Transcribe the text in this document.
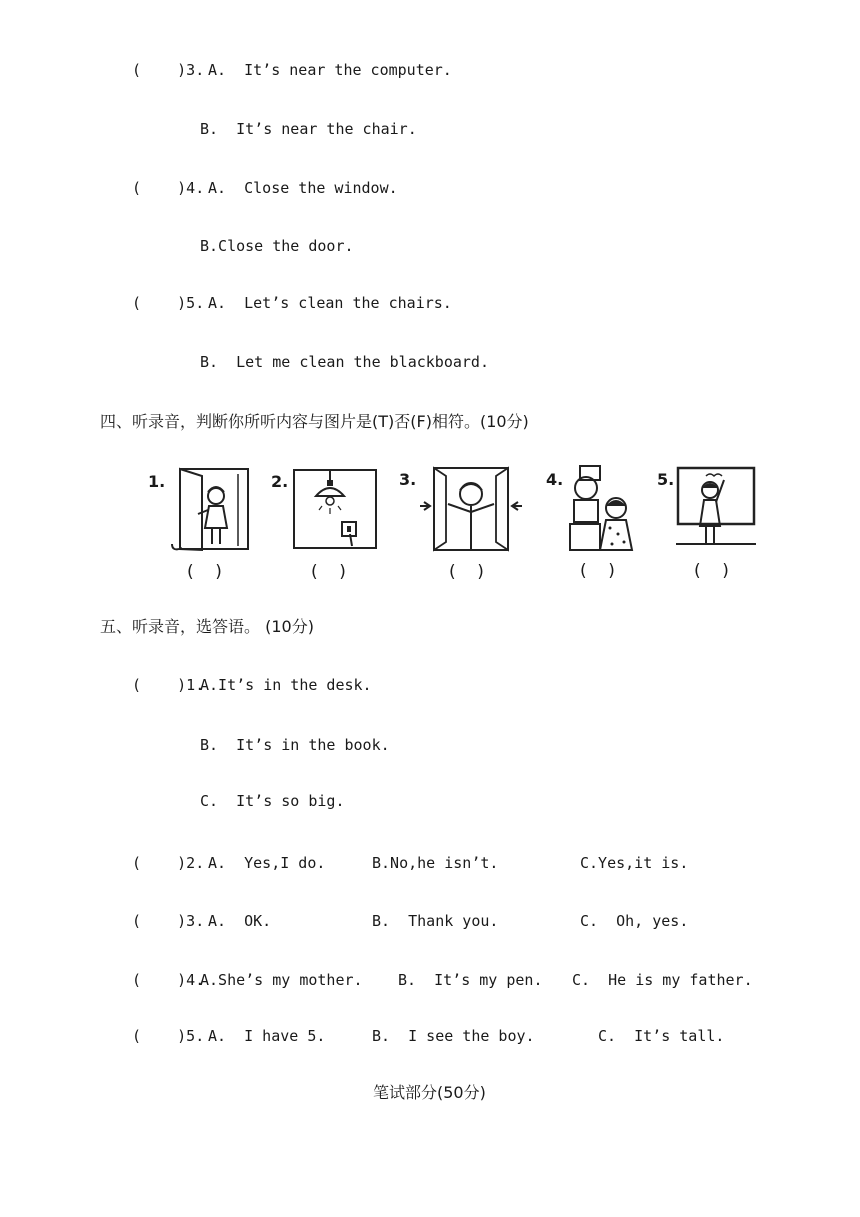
(    )3. A.  It’s near the computer.
B.  It’s near the chair.
(    )4. A.  Close the window.
B.Close the door.
(    )5. A.  Let’s clean the chairs.
B.  Let me clean the blackboard.
四、听录音，判断你所听内容与图片是(T)否(F)相符。(10分)
1.
(    )
2.
(    )
3.
(    )
4.
(    )
5.
(    )
五、听录音，选答语。 (10分)
(    )1.
A.It’s in the desk.
B.  It’s in the book.
C.  It’s so big.
(    )2. A.  Yes,I do.	B.No,he isn’t.	C.Yes,it is.
(    )3. A.  OK.	B.  Thank you.	C.  Oh, yes.
(    )4.
A.She’s my mother. B.  It’s my pen. C.  He is my father.
(    )5. A.  I have 5.	B.  I see the boy.	C.  It’s tall.
笔试部分(50分)
